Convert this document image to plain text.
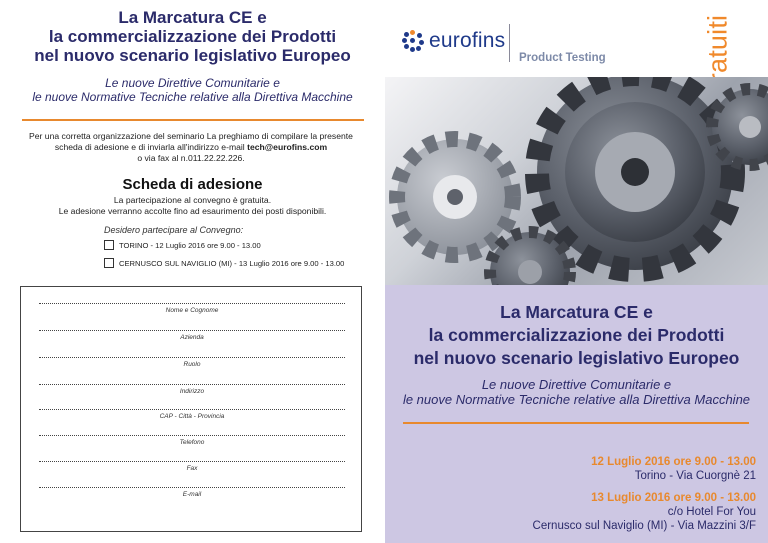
La Marcatura CE e
la commercializzazione dei Prodotti
nel nuovo scenario legislativo Europeo
Le nuove Direttive Comunitarie e
le nuove Normative Tecniche relative alla Direttiva Macchine
Per una corretta organizzazione del seminario La preghiamo di compilare la presente
scheda di adesione e di inviarla all'indirizzo e-mail tech@eurofins.com
o via fax al n.011.22.22.226.
Scheda di adesione
La partecipazione al convegno è gratuita.
Le adesione verranno accolte fino ad esaurimento dei posti disponibili.
Desidero partecipare al Convegno:
TORINO - 12 Luglio 2016 ore 9.00 - 13.00
CERNUSCO SUL NAVIGLIO (MI) - 13 Luglio 2016 ore 9.00 - 13.00
Nome e Cognome
Azienda
Ruolo
Indirizzo
CAP - Città - Provincia
Telefono
Fax
E-mail
eurofins
Product Testing	gratuiti
La Marcatura CE e
la commercializzazione dei Prodotti
nel nuovo scenario legislativo Europeo
Le nuove Direttive Comunitarie e
le nuove Normative Tecniche relative alla Direttiva Macchine
12 Luglio 2016 ore 9.00 - 13.00
Torino - Via Cuorgnè 21
13 Luglio 2016 ore 9.00 - 13.00
c/o Hotel For You
Cernusco sul Naviglio (MI) - Via Mazzini 3/F
